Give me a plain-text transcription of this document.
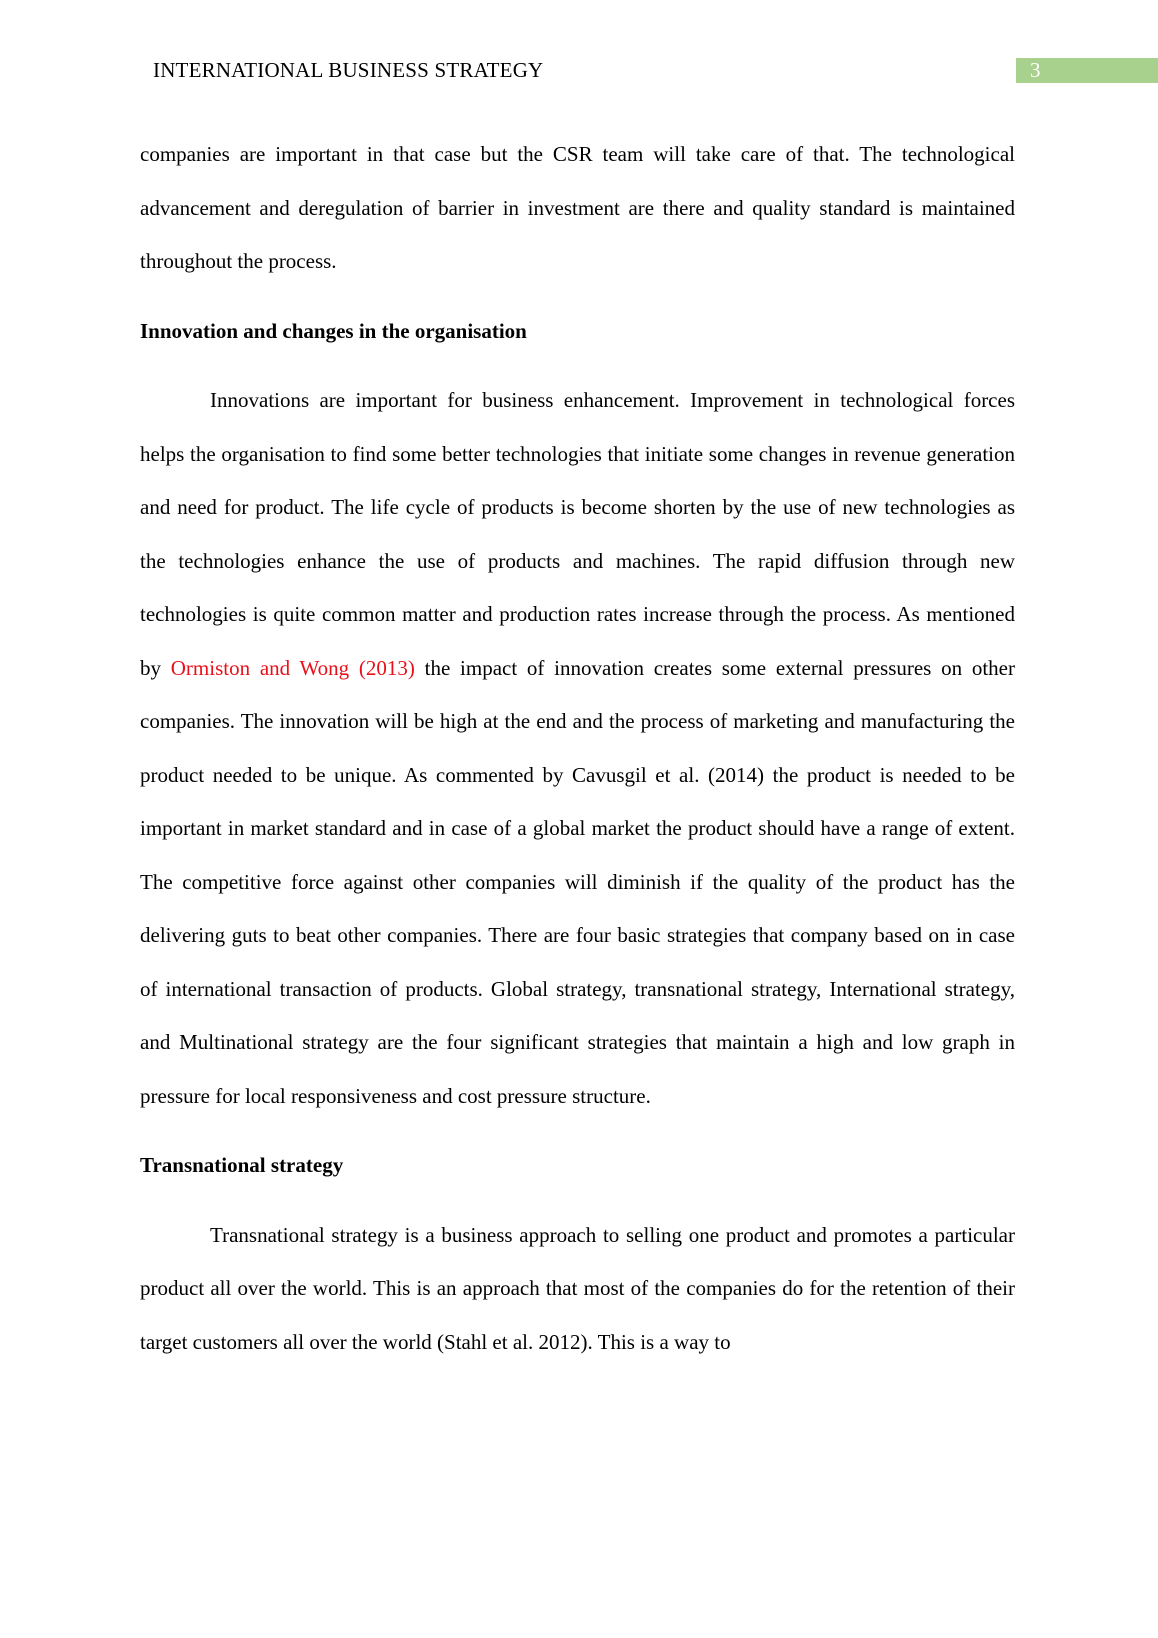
INTERNATIONAL BUSINESS STRATEGY	3

companies are important in that case but the CSR team will take care of that. The technological advancement and deregulation of barrier in investment are there and quality standard is maintained throughout the process.

Innovation and changes in the organisation

Innovations are important for business enhancement. Improvement in technological forces helps the organisation to find some better technologies that initiate some changes in revenue generation and need for product. The life cycle of products is become shorten by the use of new technologies as the technologies enhance the use of products and machines. The rapid diffusion through new technologies is quite common matter and production rates increase through the process. As mentioned by Ormiston and Wong (2013) the impact of innovation creates some external pressures on other companies. The innovation will be high at the end and the process of marketing and manufacturing the product needed to be unique. As commented by Cavusgil et al. (2014) the product is needed to be important in market standard and in case of a global market the product should have a range of extent. The competitive force against other companies will diminish if the quality of the product has the delivering guts to beat other companies. There are four basic strategies that company based on in case of international transaction of products. Global strategy, transnational strategy, International strategy, and Multinational strategy are the four significant strategies that maintain a high and low graph in pressure for local responsiveness and cost pressure structure.

Transnational strategy

Transnational strategy is a business approach to selling one product and promotes a particular product all over the world. This is an approach that most of the companies do for the retention of their target customers all over the world (Stahl et al. 2012). This is a way to
